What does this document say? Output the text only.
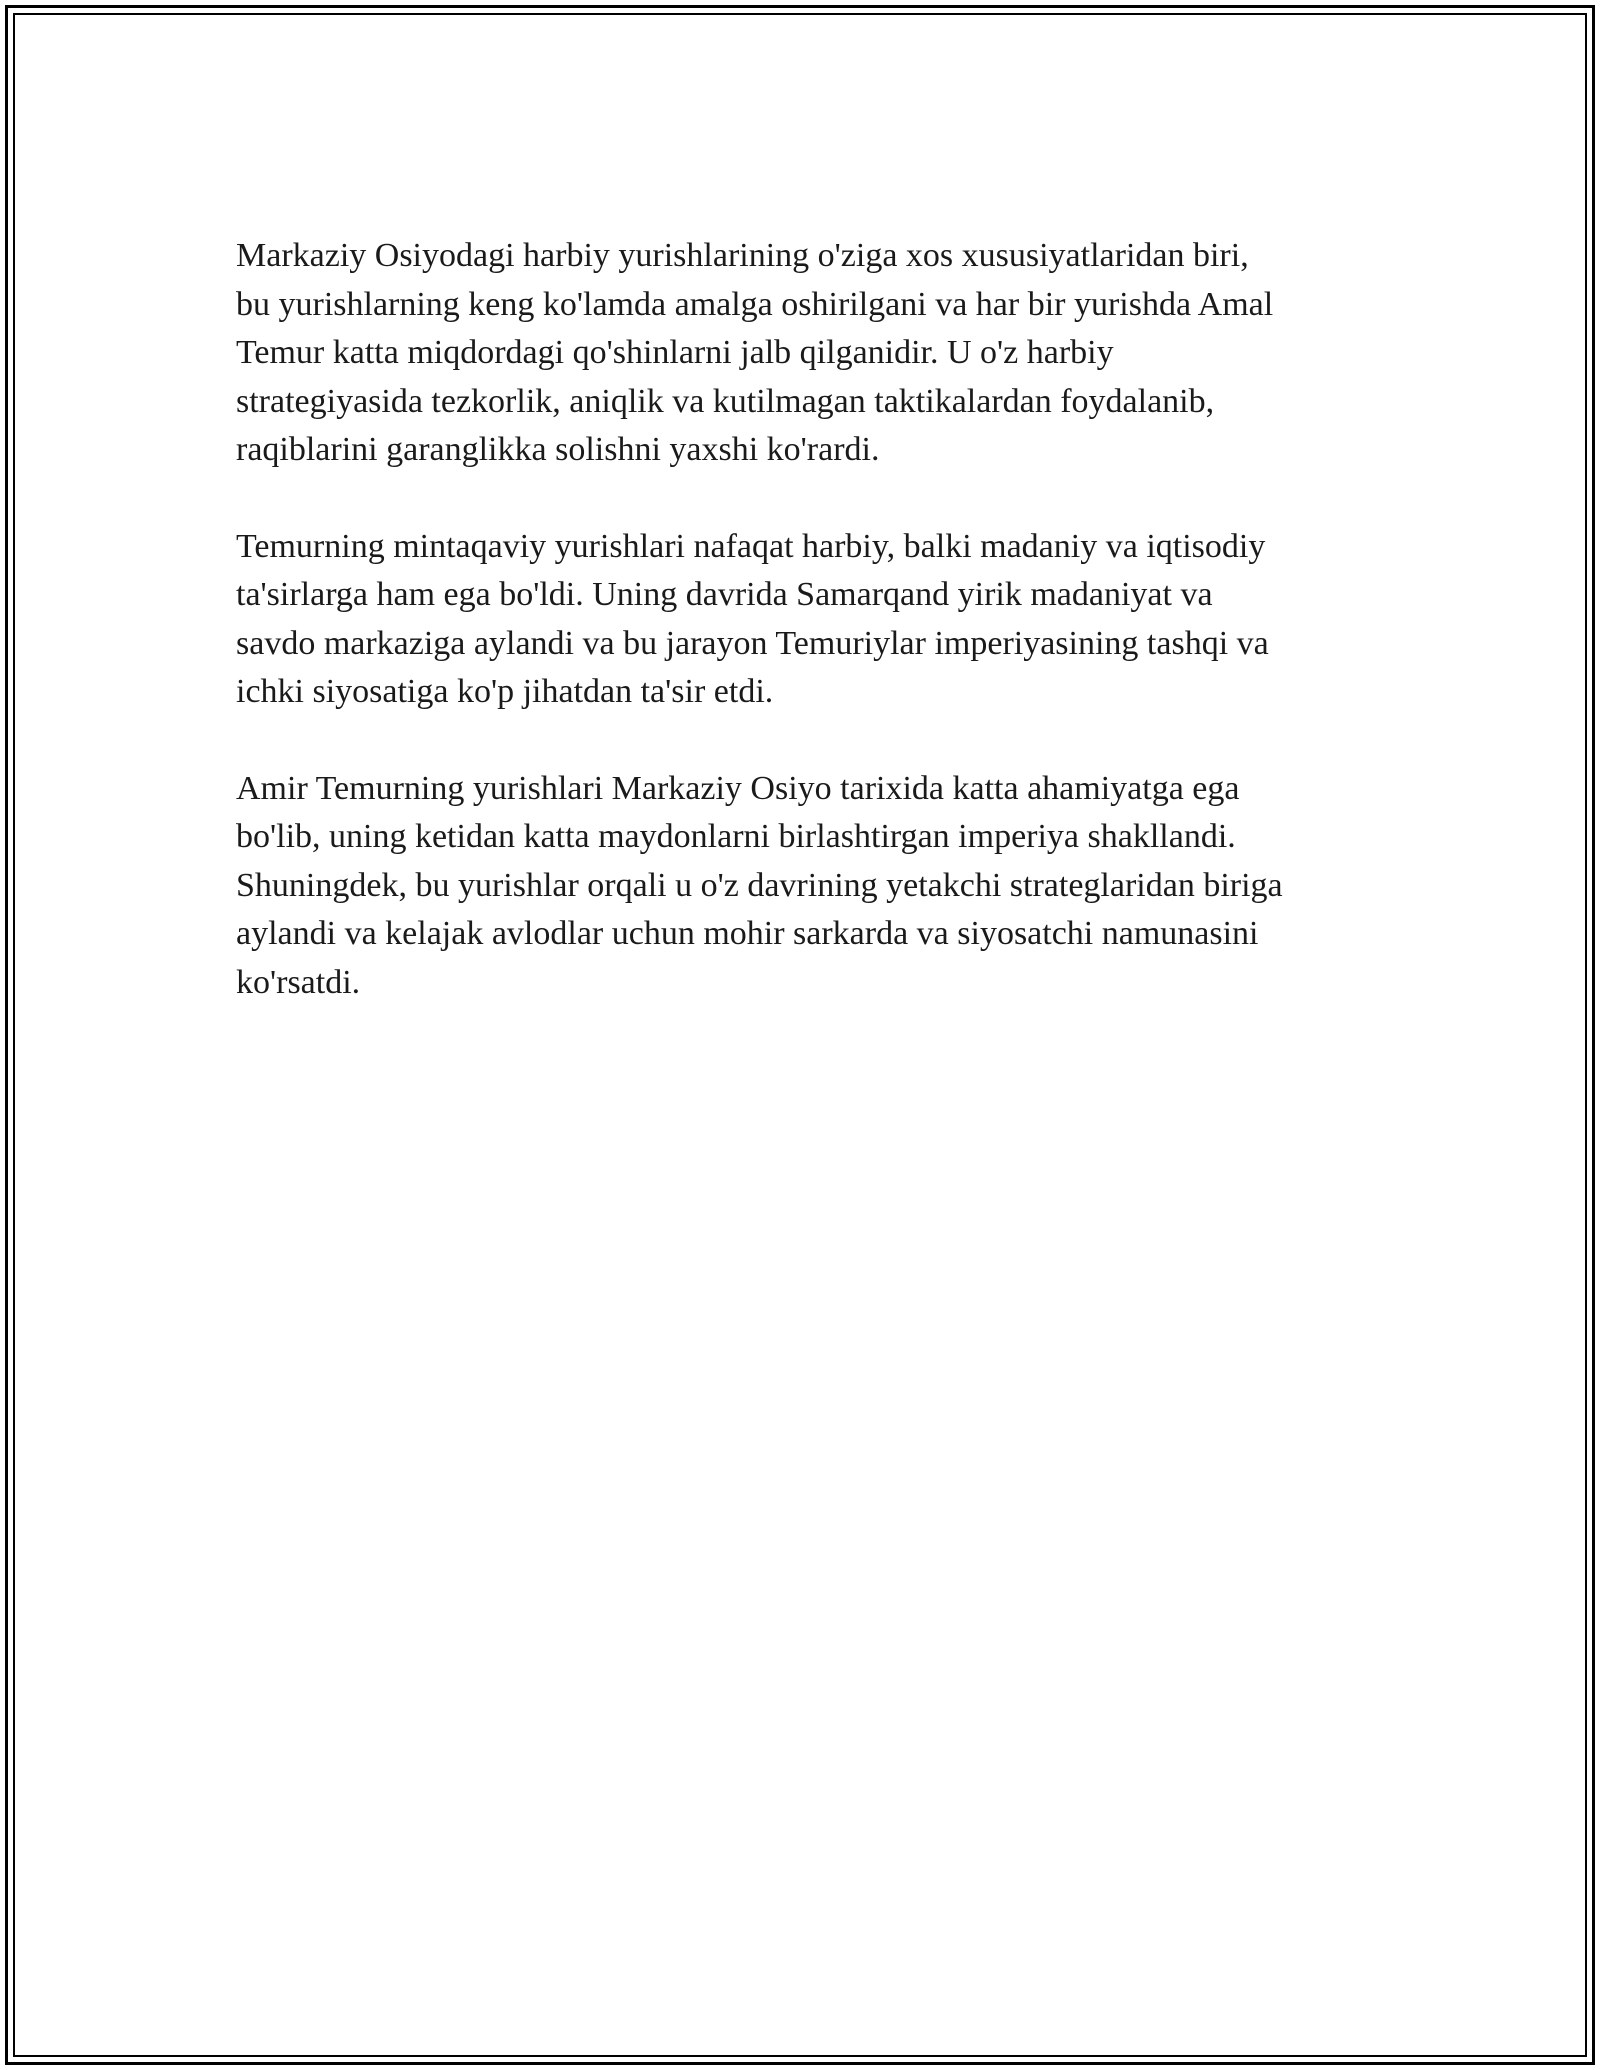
Markaziy Osiyodagi harbiy yurishlarining o'ziga xos xususiyatlaridan biri,
bu yurishlarning keng ko'lamda amalga oshirilgani va har bir yurishda Amal
Temur katta miqdordagi qo'shinlarni jalb qilganidir. U o'z harbiy
strategiyasida tezkorlik, aniqlik va kutilmagan taktikalardan foydalanib,
raqiblarini garanglikka solishni yaxshi ko'rardi.

Temurning mintaqaviy yurishlari nafaqat harbiy, balki madaniy va iqtisodiy
ta'sirlarga ham ega bo'ldi. Uning davrida Samarqand yirik madaniyat va
savdo markaziga aylandi va bu jarayon Temuriylar imperiyasining tashqi va
ichki siyosatiga ko'p jihatdan ta'sir etdi.

Amir Temurning yurishlari Markaziy Osiyo tarixida katta ahamiyatga ega
bo'lib, uning ketidan katta maydonlarni birlashtirgan imperiya shakllandi.
Shuningdek, bu yurishlar orqali u o'z davrining yetakchi strateglaridan biriga
aylandi va kelajak avlodlar uchun mohir sarkarda va siyosatchi namunasini
ko'rsatdi.
